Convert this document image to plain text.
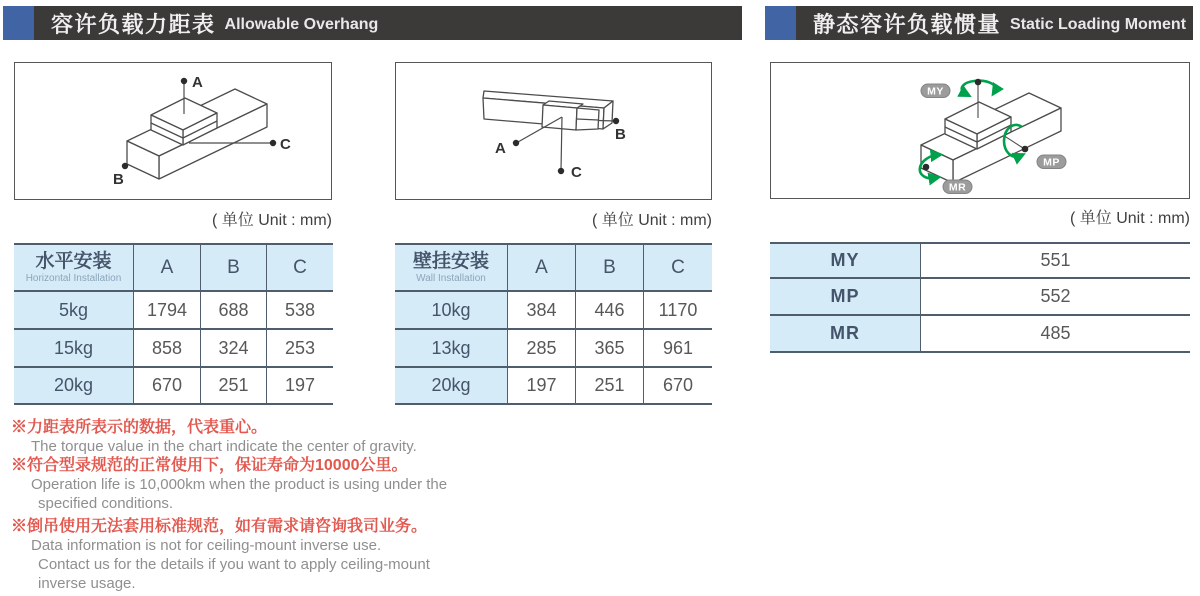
容许负载力距表 Allowable Overhang	静态容许负载惯量 Static Loading Moment
A
C
B
A
C
B
MY
MP
MR
( 单位 Unit : mm)	( 单位 Unit : mm)	( 单位 Unit : mm)
水平安装
Horizontal Installation
A	B	C
5kg	1794 688 538
15kg	858 324 253
20kg	670 251 197
壁挂安装
Wall Installation
A	B	C
10kg	384 446 1170
13kg	285 365 961
20kg	197 251 670
MY	551
MP	552
MR	485
※力距表所表示的数据，代表重心。
The torque value in the chart indicate the center of gravity.
※符合型录规范的正常使用下，保证寿命为10000公里。
Operation life is 10,000km when the product is using under the
specified conditions.
※倒吊使用无法套用标准规范，如有需求请咨询我司业务。
Data information is not for ceiling-mount inverse use.
Contact us for the details if you want to apply ceiling-mount
inverse usage.
